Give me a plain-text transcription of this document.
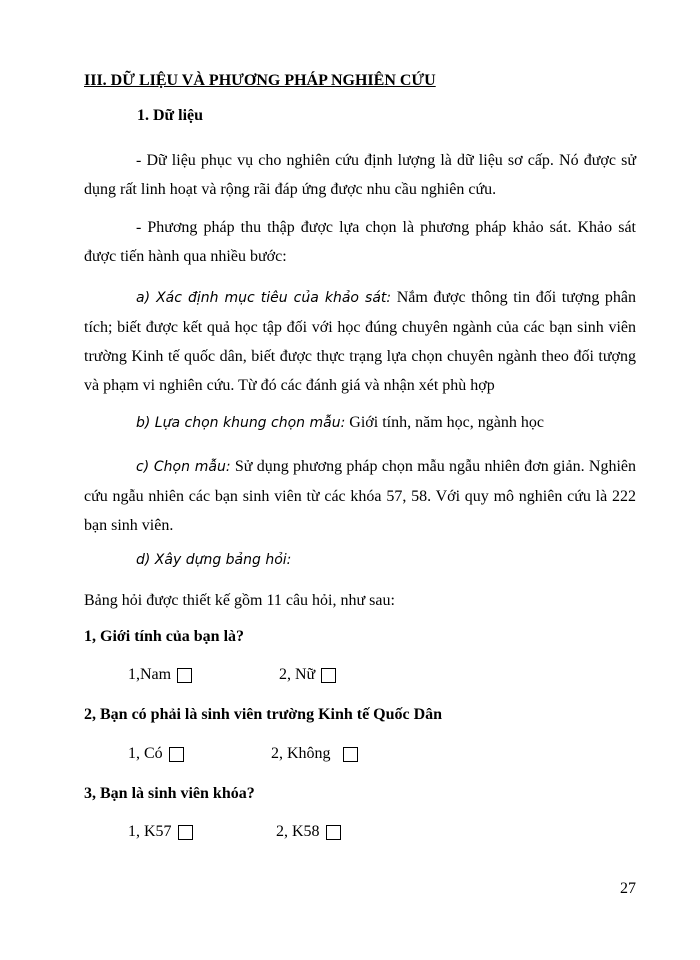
III. DỮ LIỆU VÀ PHƯƠNG PHÁP NGHIÊN CỨU
1. Dữ liệu
- Dữ liệu phục vụ cho nghiên cứu định lượng là dữ liệu sơ cấp. Nó được sử dụng rất linh hoạt và rộng rãi đáp ứng được nhu cầu nghiên cứu.
- Phương pháp thu thập được lựa chọn là phương pháp khảo sát. Khảo sát được tiến hành qua nhiều bước:
a) Xác định mục tiêu của khảo sát: Nắm được thông tin đối tượng phân tích; biết được kết quả học tập đối với học đúng chuyên ngành của các bạn sinh viên trường Kinh tế quốc dân, biết được thực trạng lựa chọn chuyên ngành theo đối tượng và phạm vi nghiên cứu. Từ đó các đánh giá và nhận xét phù hợp
b) Lựa chọn khung chọn mẫu: Giới tính, năm học, ngành học
c) Chọn mẫu: Sử dụng phương pháp chọn mẫu ngẫu nhiên đơn giản. Nghiên cứu ngẫu nhiên các bạn sinh viên từ các khóa 57, 58. Với quy mô nghiên cứu là 222 bạn sinh viên.
d) Xây dựng bảng hỏi:
Bảng hỏi được thiết kế gồm 11 câu hỏi, như sau:
1, Giới tính của bạn là?
1,Nam	2, Nữ
2, Bạn có phải là sinh viên trường Kinh tế Quốc Dân
1, Có	2, Không
3, Bạn là sinh viên khóa?
1, K57	2, K58
27
